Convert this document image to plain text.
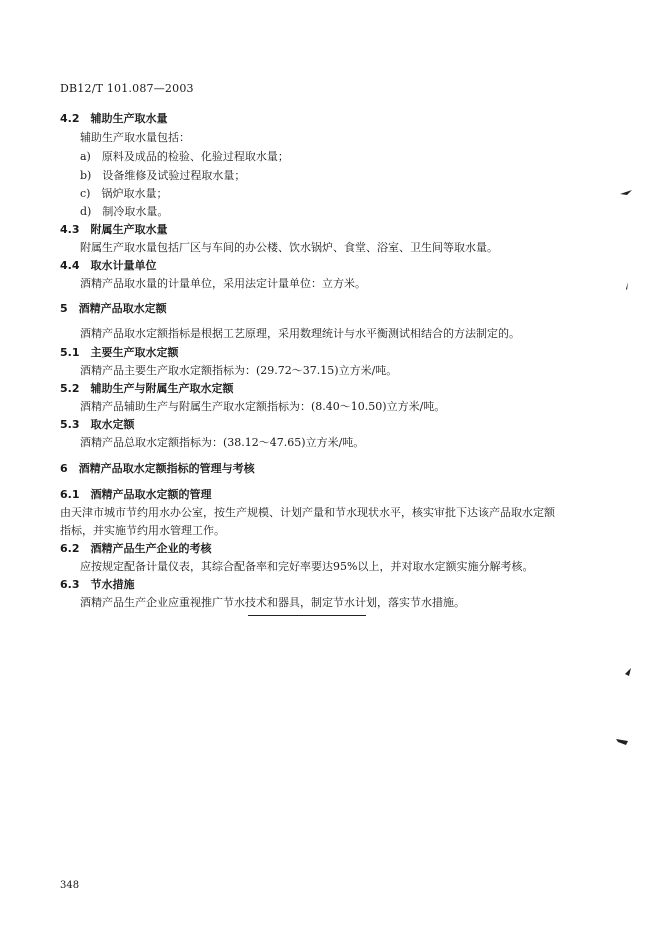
DB12/T 101.087—2003
4.2　辅助生产取水量
辅助生产取水量包括：
a)　原料及成品的检验、化验过程取水量；
b)　设备维修及试验过程取水量；
c)　锅炉取水量；
d)　制冷取水量。
4.3　附属生产取水量
附属生产取水量包括厂区与车间的办公楼、饮水锅炉、食堂、浴室、卫生间等取水量。
4.4　取水计量单位
酒精产品取水量的计量单位，采用法定计量单位：立方米。
5　酒精产品取水定额
酒精产品取水定额指标是根据工艺原理，采用数理统计与水平衡测试相结合的方法制定的。
5.1　主要生产取水定额
酒精产品主要生产取水定额指标为：(29.72～37.15)立方米/吨。
5.2　辅助生产与附属生产取水定额
酒精产品辅助生产与附属生产取水定额指标为：(8.40～10.50)立方米/吨。
5.3　取水定额
酒精产品总取水定额指标为：(38.12～47.65)立方米/吨。
6　酒精产品取水定额指标的管理与考核
6.1　酒精产品取水定额的管理
由天津市城市节约用水办公室，按生产规模、计划产量和节水现状水平，核实审批下达该产品取水定额
指标，并实施节约用水管理工作。
6.2　酒精产品生产企业的考核
应按规定配备计量仪表，其综合配备率和完好率要达95%以上，并对取水定额实施分解考核。
6.3　节水措施
酒精产品生产企业应重视推广节水技术和器具，制定节水计划，落实节水措施。
348
